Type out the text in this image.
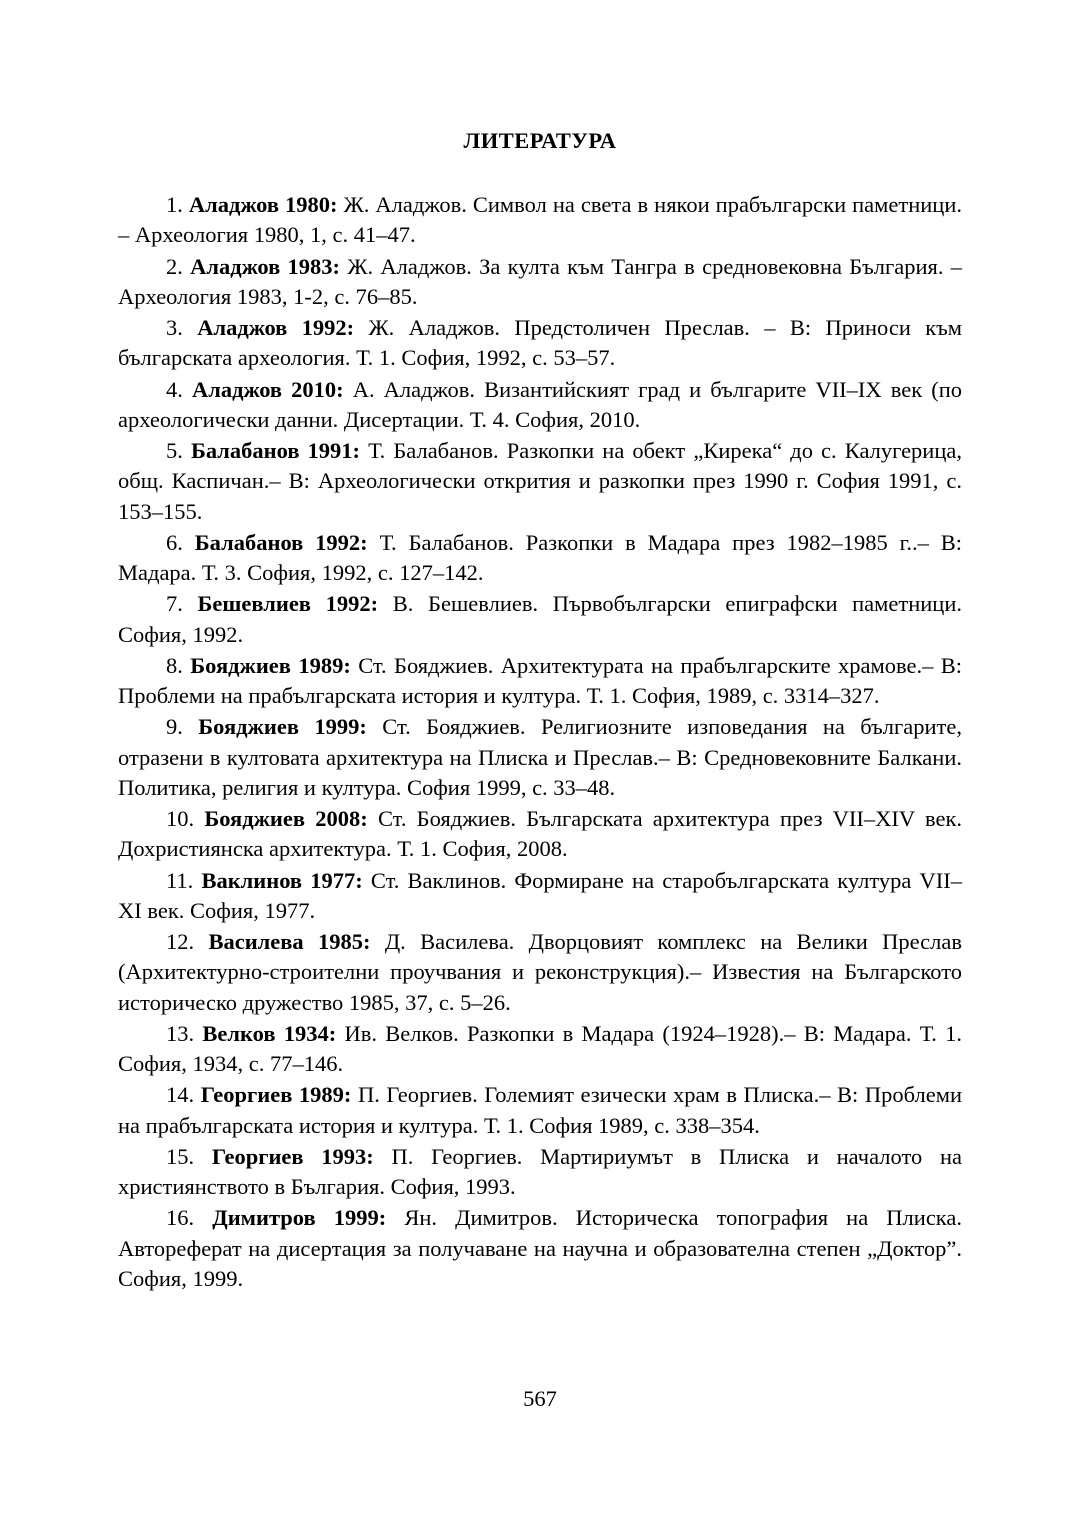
ЛИТЕРАТУРА

1. Аладжов 1980: Ж. Аладжов. Символ на света в някои прабългарски паметници. – Археология 1980, 1, с. 41–47.

2. Аладжов 1983: Ж. Аладжов. За култа към Тангра в средновековна България. – Археология 1983, 1-2, с. 76–85.

3. Аладжов 1992: Ж. Аладжов. Предстоличен Преслав. – В: Приноси към българската археология. Т. 1. София, 1992, с. 53–57.

4. Аладжов 2010: А. Аладжов. Византийският град и българите VII–IX век (по археологически данни. Дисертации. Т. 4. София, 2010.

5. Балабанов 1991: Т. Балабанов. Разкопки на обект „Кирека“ до с. Калугерица, общ. Каспичан.– В: Археологически открития и разкопки през 1990 г. София 1991, с. 153–155.

6. Балабанов 1992: Т. Балабанов. Разкопки в Мадара през 1982–1985 г..– В: Мадара. Т. 3. София, 1992, с. 127–142.

7. Бешевлиев 1992: В. Бешевлиев. Първобългарски епиграфски паметници. София, 1992.

8. Бояджиев 1989: Ст. Бояджиев. Архитектурата на прабългарските храмове.– В: Проблеми на прабългарската история и култура. Т. 1. София, 1989, с. 3314–327.

9. Бояджиев 1999: Ст. Бояджиев. Религиозните изповедания на българите, отразени в култовата архитектура на Плиска и Преслав.– В: Средновековните Балкани. Политика, религия и култура. София 1999, с. 33–48.

10. Бояджиев 2008: Ст. Бояджиев. Българската архитектура през VII–XIV век. Дохристиянска архитектура. Т. 1. София, 2008.

11. Ваклинов 1977: Ст. Ваклинов. Формиране на старобългарската култура VII–XI век. София, 1977.

12. Василева 1985: Д. Василева. Дворцовият комплекс на Велики Преслав (Архитектурно-строителни проучвания и реконструкция).– Известия на Българското историческо дружество 1985, 37, с. 5–26.

13. Велков 1934: Ив. Велков. Разкопки в Мадара (1924–1928).– В: Мадара. Т. 1. София, 1934, с. 77–146.

14. Георгиев 1989: П. Георгиев. Големият езически храм в Плиска.– В: Проблеми на прабългарската история и култура. Т. 1. София 1989, с. 338–354.

15. Георгиев 1993: П. Георгиев. Мартириумът в Плиска и началото на християнството в България. София, 1993.

16. Димитров 1999: Ян. Димитров. Историческа топография на Плиска. Автореферат на дисертация за получаване на научна и образователна степен „Доктор”. София, 1999.

567
